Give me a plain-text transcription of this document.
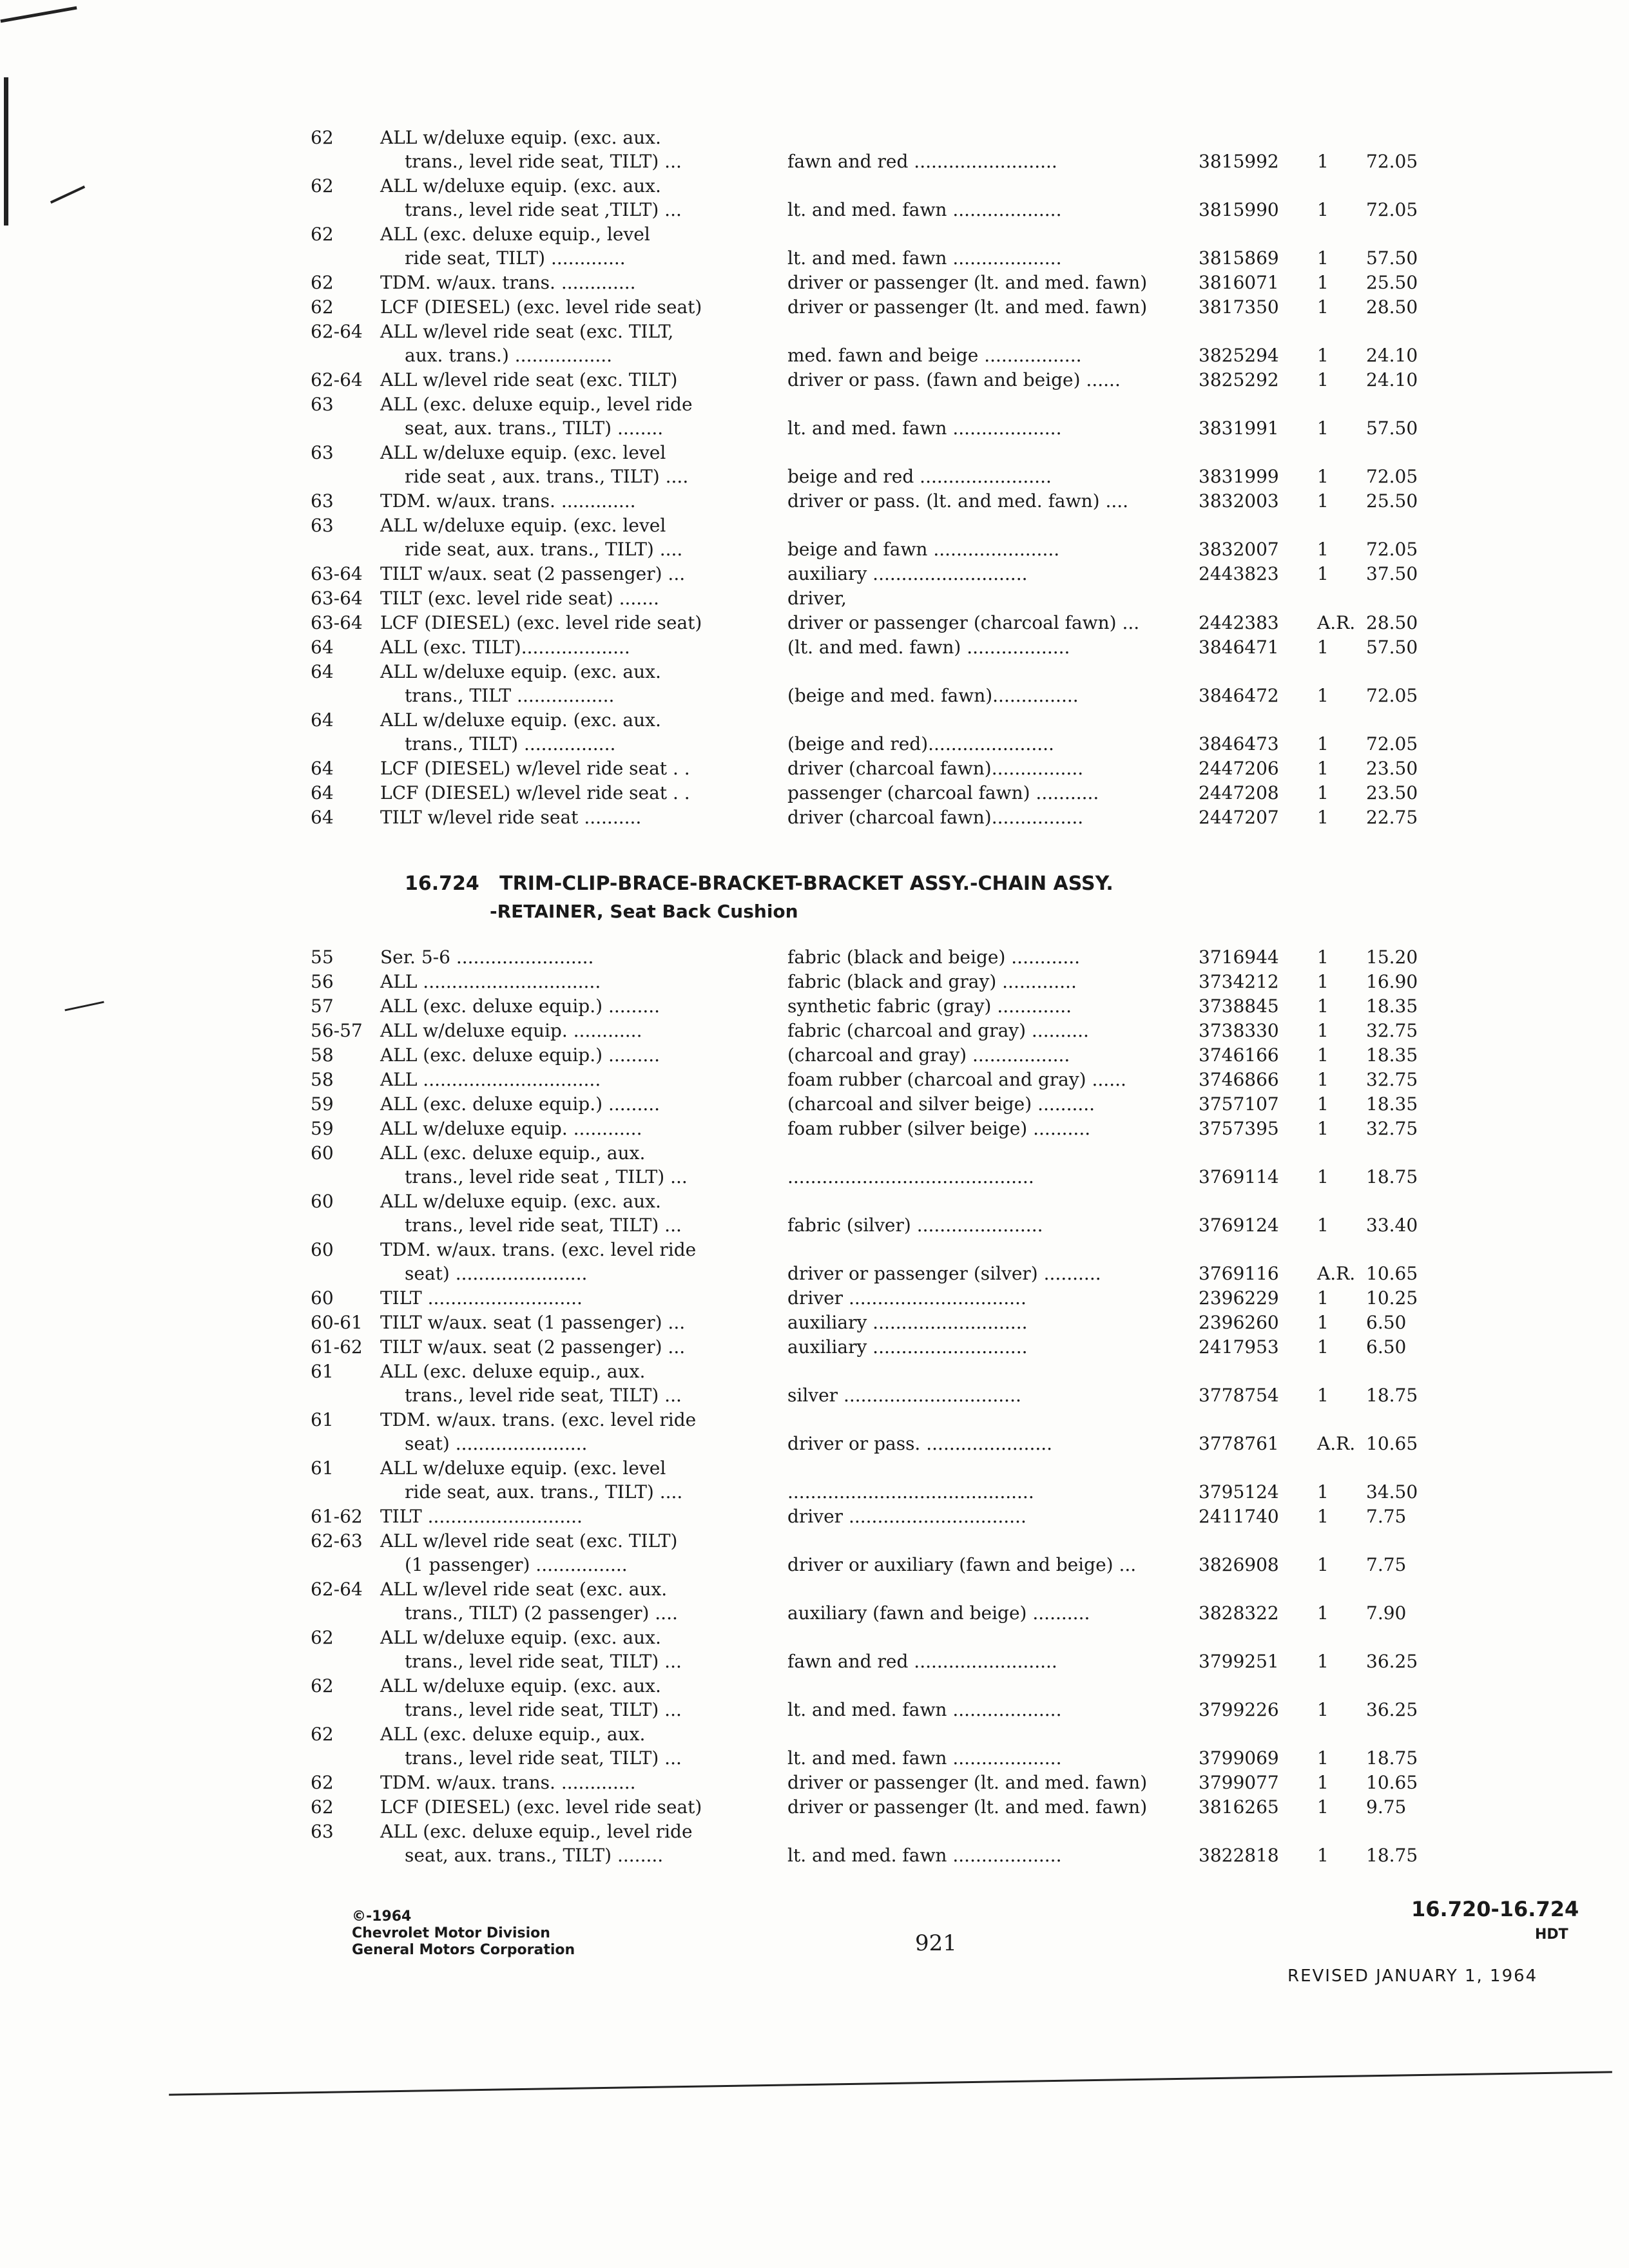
62	ALL w/deluxe equip. (exc. aux.
trans., level ride seat, TILT) ...	fawn and red .........................	3815992 1 72.05
62	ALL w/deluxe equip. (exc. aux.
trans., level ride seat ,TILT) ...	lt. and med. fawn ...................	3815990 1 72.05
62	ALL (exc. deluxe equip., level
ride seat, TILT) .............	lt. and med. fawn ...................	3815869 1 57.50
62	TDM. w/aux. trans. .............	driver or passenger (lt. and med. fawn)	3816071 1 25.50
62	LCF (DIESEL) (exc. level ride seat)	driver or passenger (lt. and med. fawn)	3817350 1 28.50
62-64 ALL w/level ride seat (exc. TILT,
aux. trans.) .................	med. fawn and beige .................	3825294 1 24.10
62-64 ALL w/level ride seat (exc. TILT)	driver or pass. (fawn and beige) ......	3825292 1 24.10
63	ALL (exc. deluxe equip., level ride
seat, aux. trans., TILT) ........	lt. and med. fawn ...................	3831991 1 57.50
63	ALL w/deluxe equip. (exc. level
ride seat , aux. trans., TILT) ....	beige and red .......................	3831999 1 72.05
63	TDM. w/aux. trans. .............	driver or pass. (lt. and med. fawn) ....	3832003 1 25.50
63	ALL w/deluxe equip. (exc. level
ride seat, aux. trans., TILT) ....	beige and fawn ......................	3832007 1 72.05
63-64 TILT w/aux. seat (2 passenger) ...	auxiliary ...........................	2443823 1 37.50
63-64 TILT (exc. level ride seat) .......	driver,
63-64 LCF (DIESEL) (exc. level ride seat)	driver or passenger (charcoal fawn) ...	2442383 A.R. 28.50
64	ALL (exc. TILT)...................	(lt. and med. fawn) ..................	3846471 1 57.50
64	ALL w/deluxe equip. (exc. aux.
trans., TILT .................	(beige and med. fawn)...............	3846472 1 72.05
64	ALL w/deluxe equip. (exc. aux.
trans., TILT) ................	(beige and red)......................	3846473 1 72.05
64	LCF (DIESEL) w/level ride seat . .	driver (charcoal fawn)................	2447206 1 23.50
64	LCF (DIESEL) w/level ride seat . .	passenger (charcoal fawn) ...........	2447208 1 23.50
64	TILT w/level ride seat ..........	driver (charcoal fawn)................	2447207 1 22.75
16.724 TRIM-CLIP-BRACE-BRACKET-BRACKET ASSY.-CHAIN ASSY.
-RETAINER, Seat Back Cushion
55	Ser. 5-6 ........................	fabric (black and beige) ............	3716944 1 15.20
56	ALL ...............................	fabric (black and gray) .............	3734212 1 16.90
57	ALL (exc. deluxe equip.) .........	synthetic fabric (gray) .............	3738845 1 18.35
56-57 ALL w/deluxe equip. ............	fabric (charcoal and gray) ..........	3738330 1 32.75
58	ALL (exc. deluxe equip.) .........	(charcoal and gray) .................	3746166 1 18.35
58	ALL ...............................	foam rubber (charcoal and gray) ......	3746866 1 32.75
59	ALL (exc. deluxe equip.) .........	(charcoal and silver beige) ..........	3757107 1 18.35
59	ALL w/deluxe equip. ............	foam rubber (silver beige) ..........	3757395 1 32.75
60	ALL (exc. deluxe equip., aux.
trans., level ride seat , TILT) ...	...........................................	3769114 1 18.75
60	ALL w/deluxe equip. (exc. aux.
trans., level ride seat, TILT) ...	fabric (silver) ......................	3769124 1 33.40
60	TDM. w/aux. trans. (exc. level ride
seat) .......................	driver or passenger (silver) ..........	3769116 A.R. 10.65
60	TILT ...........................	driver ...............................	2396229 1 10.25
60-61 TILT w/aux. seat (1 passenger) ...	auxiliary ...........................	2396260 1 6.50
61-62 TILT w/aux. seat (2 passenger) ...	auxiliary ...........................	2417953 1 6.50
61	ALL (exc. deluxe equip., aux.
trans., level ride seat, TILT) ...	silver ...............................	3778754 1 18.75
61	TDM. w/aux. trans. (exc. level ride
seat) .......................	driver or pass. ......................	3778761 A.R. 10.65
61	ALL w/deluxe equip. (exc. level
ride seat, aux. trans., TILT) ....	...........................................	3795124 1 34.50
61-62 TILT ...........................	driver ...............................	2411740 1 7.75
62-63 ALL w/level ride seat (exc. TILT)
(1 passenger) ................	driver or auxiliary (fawn and beige) ...	3826908 1 7.75
62-64 ALL w/level ride seat (exc. aux.
trans., TILT) (2 passenger) ....	auxiliary (fawn and beige) ..........	3828322 1 7.90
62	ALL w/deluxe equip. (exc. aux.
trans., level ride seat, TILT) ...	fawn and red .........................	3799251 1 36.25
62	ALL w/deluxe equip. (exc. aux.
trans., level ride seat, TILT) ...	lt. and med. fawn ...................	3799226 1 36.25
62	ALL (exc. deluxe equip., aux.
trans., level ride seat, TILT) ...	lt. and med. fawn ...................	3799069 1 18.75
62	TDM. w/aux. trans. .............	driver or passenger (lt. and med. fawn)	3799077 1 10.65
62	LCF (DIESEL) (exc. level ride seat)	driver or passenger (lt. and med. fawn)	3816265 1 9.75
63	ALL (exc. deluxe equip., level ride
seat, aux. trans., TILT) ........	lt. and med. fawn ...................	3822818 1 18.75
©-1964
Chevrolet Motor Division
General Motors Corporation	921
16.720-16.724
HDT
REVISED JANUARY 1, 1964
